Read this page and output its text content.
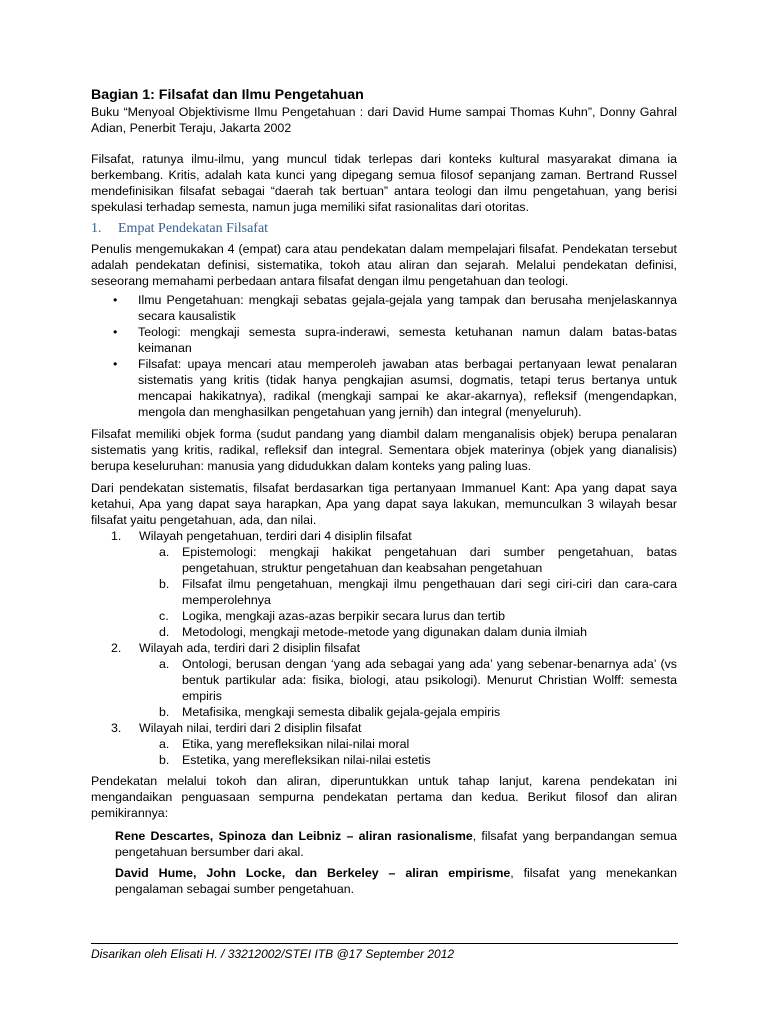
Bagian 1: Filsafat dan Ilmu Pengetahuan

Buku “Menyoal Objektivisme Ilmu Pengetahuan : dari David Hume sampai Thomas Kuhn”, Donny Gahral Adian, Penerbit Teraju, Jakarta 2002

Filsafat, ratunya ilmu-ilmu, yang muncul tidak terlepas dari konteks kultural masyarakat dimana ia berkembang. Kritis, adalah kata kunci yang dipegang semua filosof sepanjang zaman. Bertrand Russel mendefinisikan filsafat sebagai “daerah tak bertuan” antara teologi dan ilmu pengetahuan, yang berisi spekulasi terhadap semesta, namun juga memiliki sifat rasionalitas dari otoritas.

1. Empat Pendekatan Filsafat

Penulis mengemukakan 4 (empat) cara atau pendekatan dalam mempelajari filsafat. Pendekatan tersebut adalah pendekatan definisi, sistematika, tokoh atau aliran dan sejarah. Melalui pendekatan definisi, seseorang memahami perbedaan antara filsafat dengan ilmu pengetahuan dan teologi.

• Ilmu Pengetahuan: mengkaji sebatas gejala-gejala yang tampak dan berusaha menjelaskannya secara kausalistik
• Teologi: mengkaji semesta supra-inderawi, semesta ketuhanan namun dalam batas-batas keimanan
• Filsafat: upaya mencari atau memperoleh jawaban atas berbagai pertanyaan lewat penalaran sistematis yang kritis (tidak hanya pengkajian asumsi, dogmatis, tetapi terus bertanya untuk mencapai hakikatnya), radikal (mengkaji sampai ke akar-akarnya), refleksif (mengendapkan, mengola dan menghasilkan pengetahuan yang jernih) dan integral (menyeluruh).

Filsafat memiliki objek forma (sudut pandang yang diambil dalam menganalisis objek) berupa penalaran sistematis yang kritis, radikal, refleksif dan integral. Sementara objek materinya (objek yang dianalisis) berupa keseluruhan: manusia yang didudukkan dalam konteks yang paling luas.

Dari pendekatan sistematis, filsafat berdasarkan tiga pertanyaan Immanuel Kant: Apa yang dapat saya ketahui, Apa yang dapat saya harapkan, Apa yang dapat saya lakukan, memunculkan 3 wilayah besar filsafat yaitu pengetahuan, ada, dan nilai.

1. Wilayah pengetahuan, terdiri dari 4 disiplin filsafat
a. Epistemologi: mengkaji hakikat pengetahuan dari sumber pengetahuan, batas pengetahuan, struktur pengetahuan dan keabsahan pengetahuan
b. Filsafat ilmu pengetahuan, mengkaji ilmu pengethauan dari segi ciri-ciri dan cara-cara memperolehnya
c. Logika, mengkaji azas-azas berpikir secara lurus dan tertib
d. Metodologi, mengkaji metode-metode yang digunakan dalam dunia ilmiah
2. Wilayah ada, terdiri dari 2 disiplin filsafat
a. Ontologi, berusan dengan ‘yang ada sebagai yang ada’ yang sebenar-benarnya ada’ (vs bentuk partikular ada: fisika, biologi, atau psikologi). Menurut Christian Wolff: semesta empiris
b. Metafisika, mengkaji semesta dibalik gejala-gejala empiris
3. Wilayah nilai, terdiri dari 2 disiplin filsafat
a. Etika, yang merefleksikan nilai-nilai moral
b. Estetika, yang merefleksikan nilai-nilai estetis

Pendekatan melalui tokoh dan aliran, diperuntukkan untuk tahap lanjut, karena pendekatan ini mengandaikan penguasaan sempurna pendekatan pertama dan kedua. Berikut filosof dan aliran pemikirannya:

Rene Descartes, Spinoza dan Leibniz – aliran rasionalisme, filsafat yang berpandangan semua pengetahuan bersumber dari akal.

David Hume, John Locke, dan Berkeley – aliran empirisme, filsafat yang menekankan pengalaman sebagai sumber pengetahuan.

Disarikan oleh Elisati H. / 33212002/STEI ITB @17 September 2012
